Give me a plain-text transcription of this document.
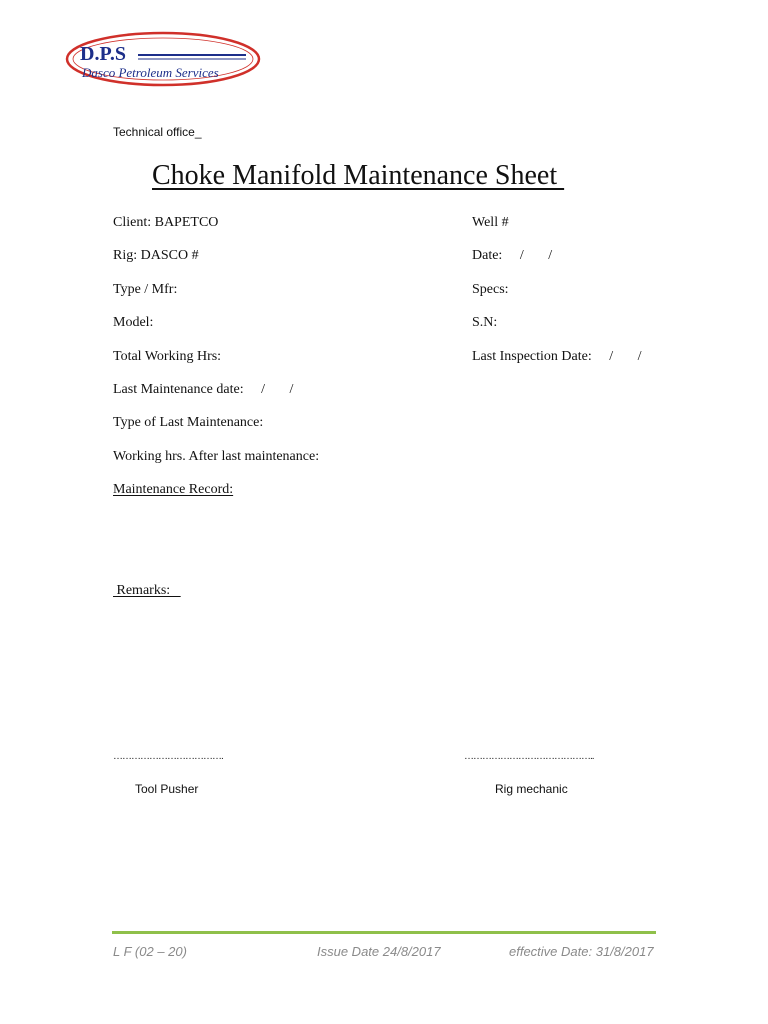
D.P.S
Dasco Petroleum Services
Technical office_
Choke Manifold Maintenance Sheet
Client: BAPETCO	Well #
Rig: DASCO #	Date:     /       /
Type / Mfr:	Specs:
Model:	S.N:
Total Working Hrs:	Last Inspection Date:     /       /
Last Maintenance date:     /       /
Type of Last Maintenance:
Working hrs. After last maintenance:
Maintenance Record:
Remarks:
……………………………….	……………………………………..
Tool Pusher	Rig mechanic
L F (02 – 20)	Issue Date 24/8/2017	effective Date: 31/8/2017
